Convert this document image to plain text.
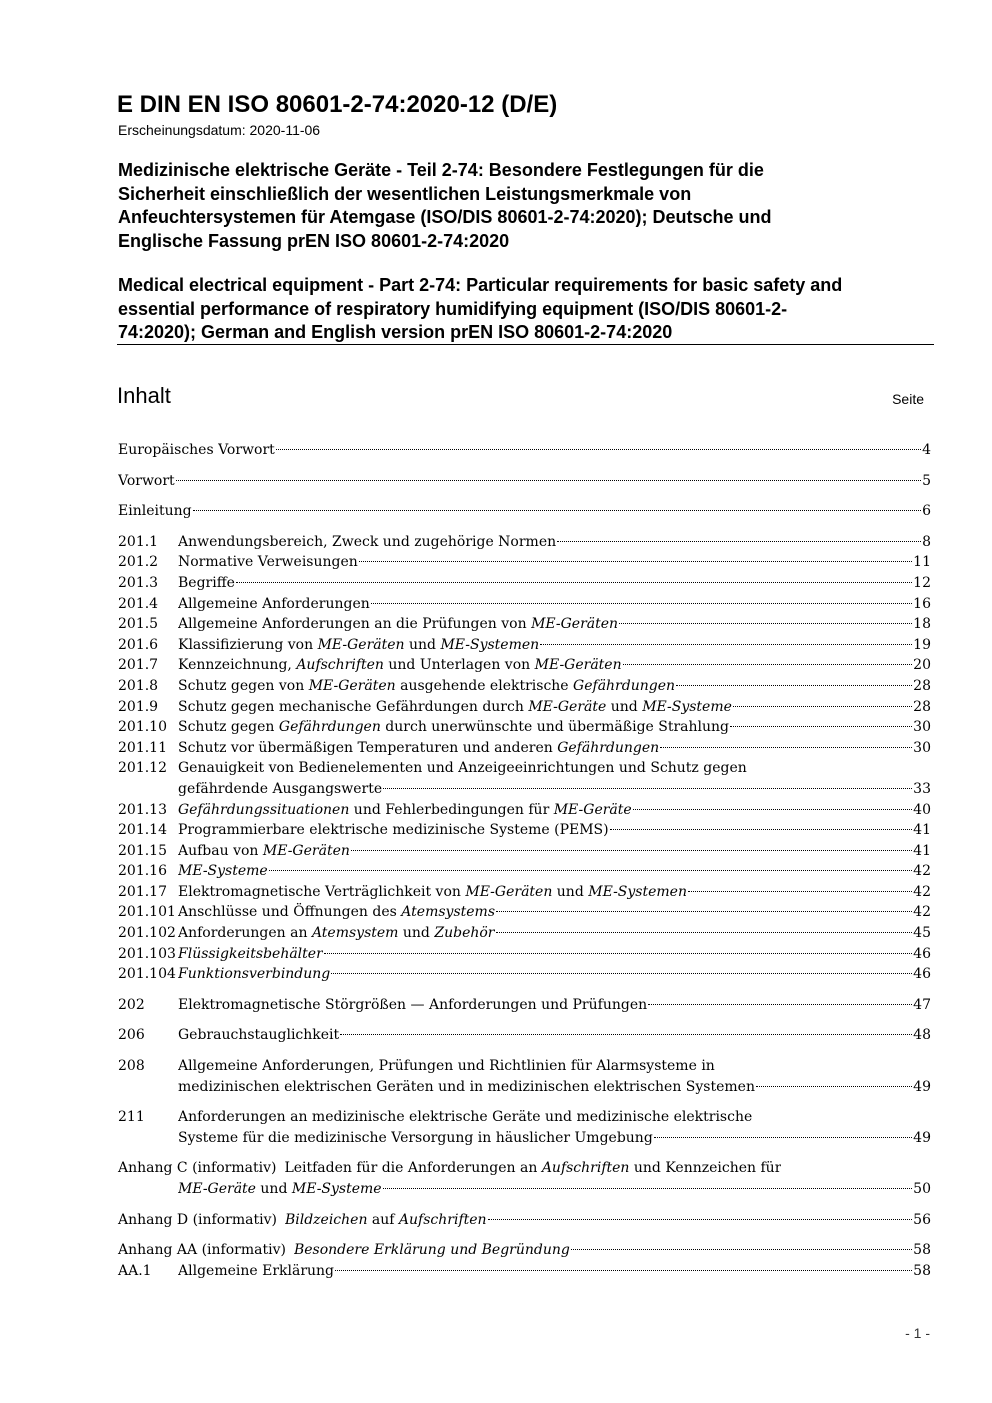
E DIN EN ISO 80601-2-74:2020-12 (D/E)
Erscheinungsdatum: 2020-11-06
Medizinische elektrische Geräte - Teil 2-74: Besondere Festlegungen für die
Sicherheit einschließlich der wesentlichen Leistungsmerkmale von
Anfeuchtersystemen für Atemgase (ISO/DIS 80601-2-74:2020); Deutsche und
Englische Fassung prEN ISO 80601-2-74:2020
Medical electrical equipment - Part 2-74: Particular requirements for basic safety and
essential performance of respiratory humidifying equipment (ISO/DIS 80601-2-
74:2020); German and English version prEN ISO 80601-2-74:2020
Inhalt	Seite
Europäisches Vorwort	4
Vorwort	5
Einleitung	6
201.1	Anwendungsbereich, Zweck und zugehörige Normen	8
201.2	Normative Verweisungen	11
201.3	Begriffe	12
201.4	Allgemeine Anforderungen	16
201.5	Allgemeine Anforderungen an die Prüfungen von ME-Geräten	18
201.6	Klassifizierung von ME-Geräten und ME-Systemen	19
201.7	Kennzeichnung, Aufschriften und Unterlagen von ME-Geräten	20
201.8	Schutz gegen von ME-Geräten ausgehende elektrische Gefährdungen	28
201.9	Schutz gegen mechanische Gefährdungen durch ME-Geräte und ME-Systeme	28
201.10 Schutz gegen Gefährdungen durch unerwünschte und übermäßige Strahlung	30
201.11 Schutz vor übermäßigen Temperaturen und anderen Gefährdungen	30
201.12 Genauigkeit von Bedienelementen und Anzeigeeinrichtungen und Schutz gegen
gefährdende Ausgangswerte	33
201.13 Gefährdungssituationen und Fehlerbedingungen für ME-Geräte	40
201.14 Programmierbare elektrische medizinische Systeme (PEMS)	41
201.15 Aufbau von ME-Geräten	41
201.16 ME-Systeme	42
201.17 Elektromagnetische Verträglichkeit von ME-Geräten und ME-Systemen	42
201.101 Anschlüsse und Öffnungen des Atemsystems	42
201.102 Anforderungen an Atemsystem und Zubehör	45
201.103 Flüssigkeitsbehälter	46
201.104 Funktionsverbindung	46
202	Elektromagnetische Störgrößen — Anforderungen und Prüfungen	47
206	Gebrauchstauglichkeit	48
208	Allgemeine Anforderungen, Prüfungen und Richtlinien für Alarmsysteme in
medizinischen elektrischen Geräten und in medizinischen elektrischen Systemen	49
211	Anforderungen an medizinische elektrische Geräte und medizinische elektrische
Systeme für die medizinische Versorgung in häuslicher Umgebung	49
Anhang C (informativ) Leitfaden für die Anforderungen an Aufschriften und Kennzeichen für
ME-Geräte und ME-Systeme	50
Anhang D (informativ) Bildzeichen auf Aufschriften	56
Anhang AA (informativ) Besondere Erklärung und Begründung	58
AA.1	Allgemeine Erklärung	58
- 1 -
